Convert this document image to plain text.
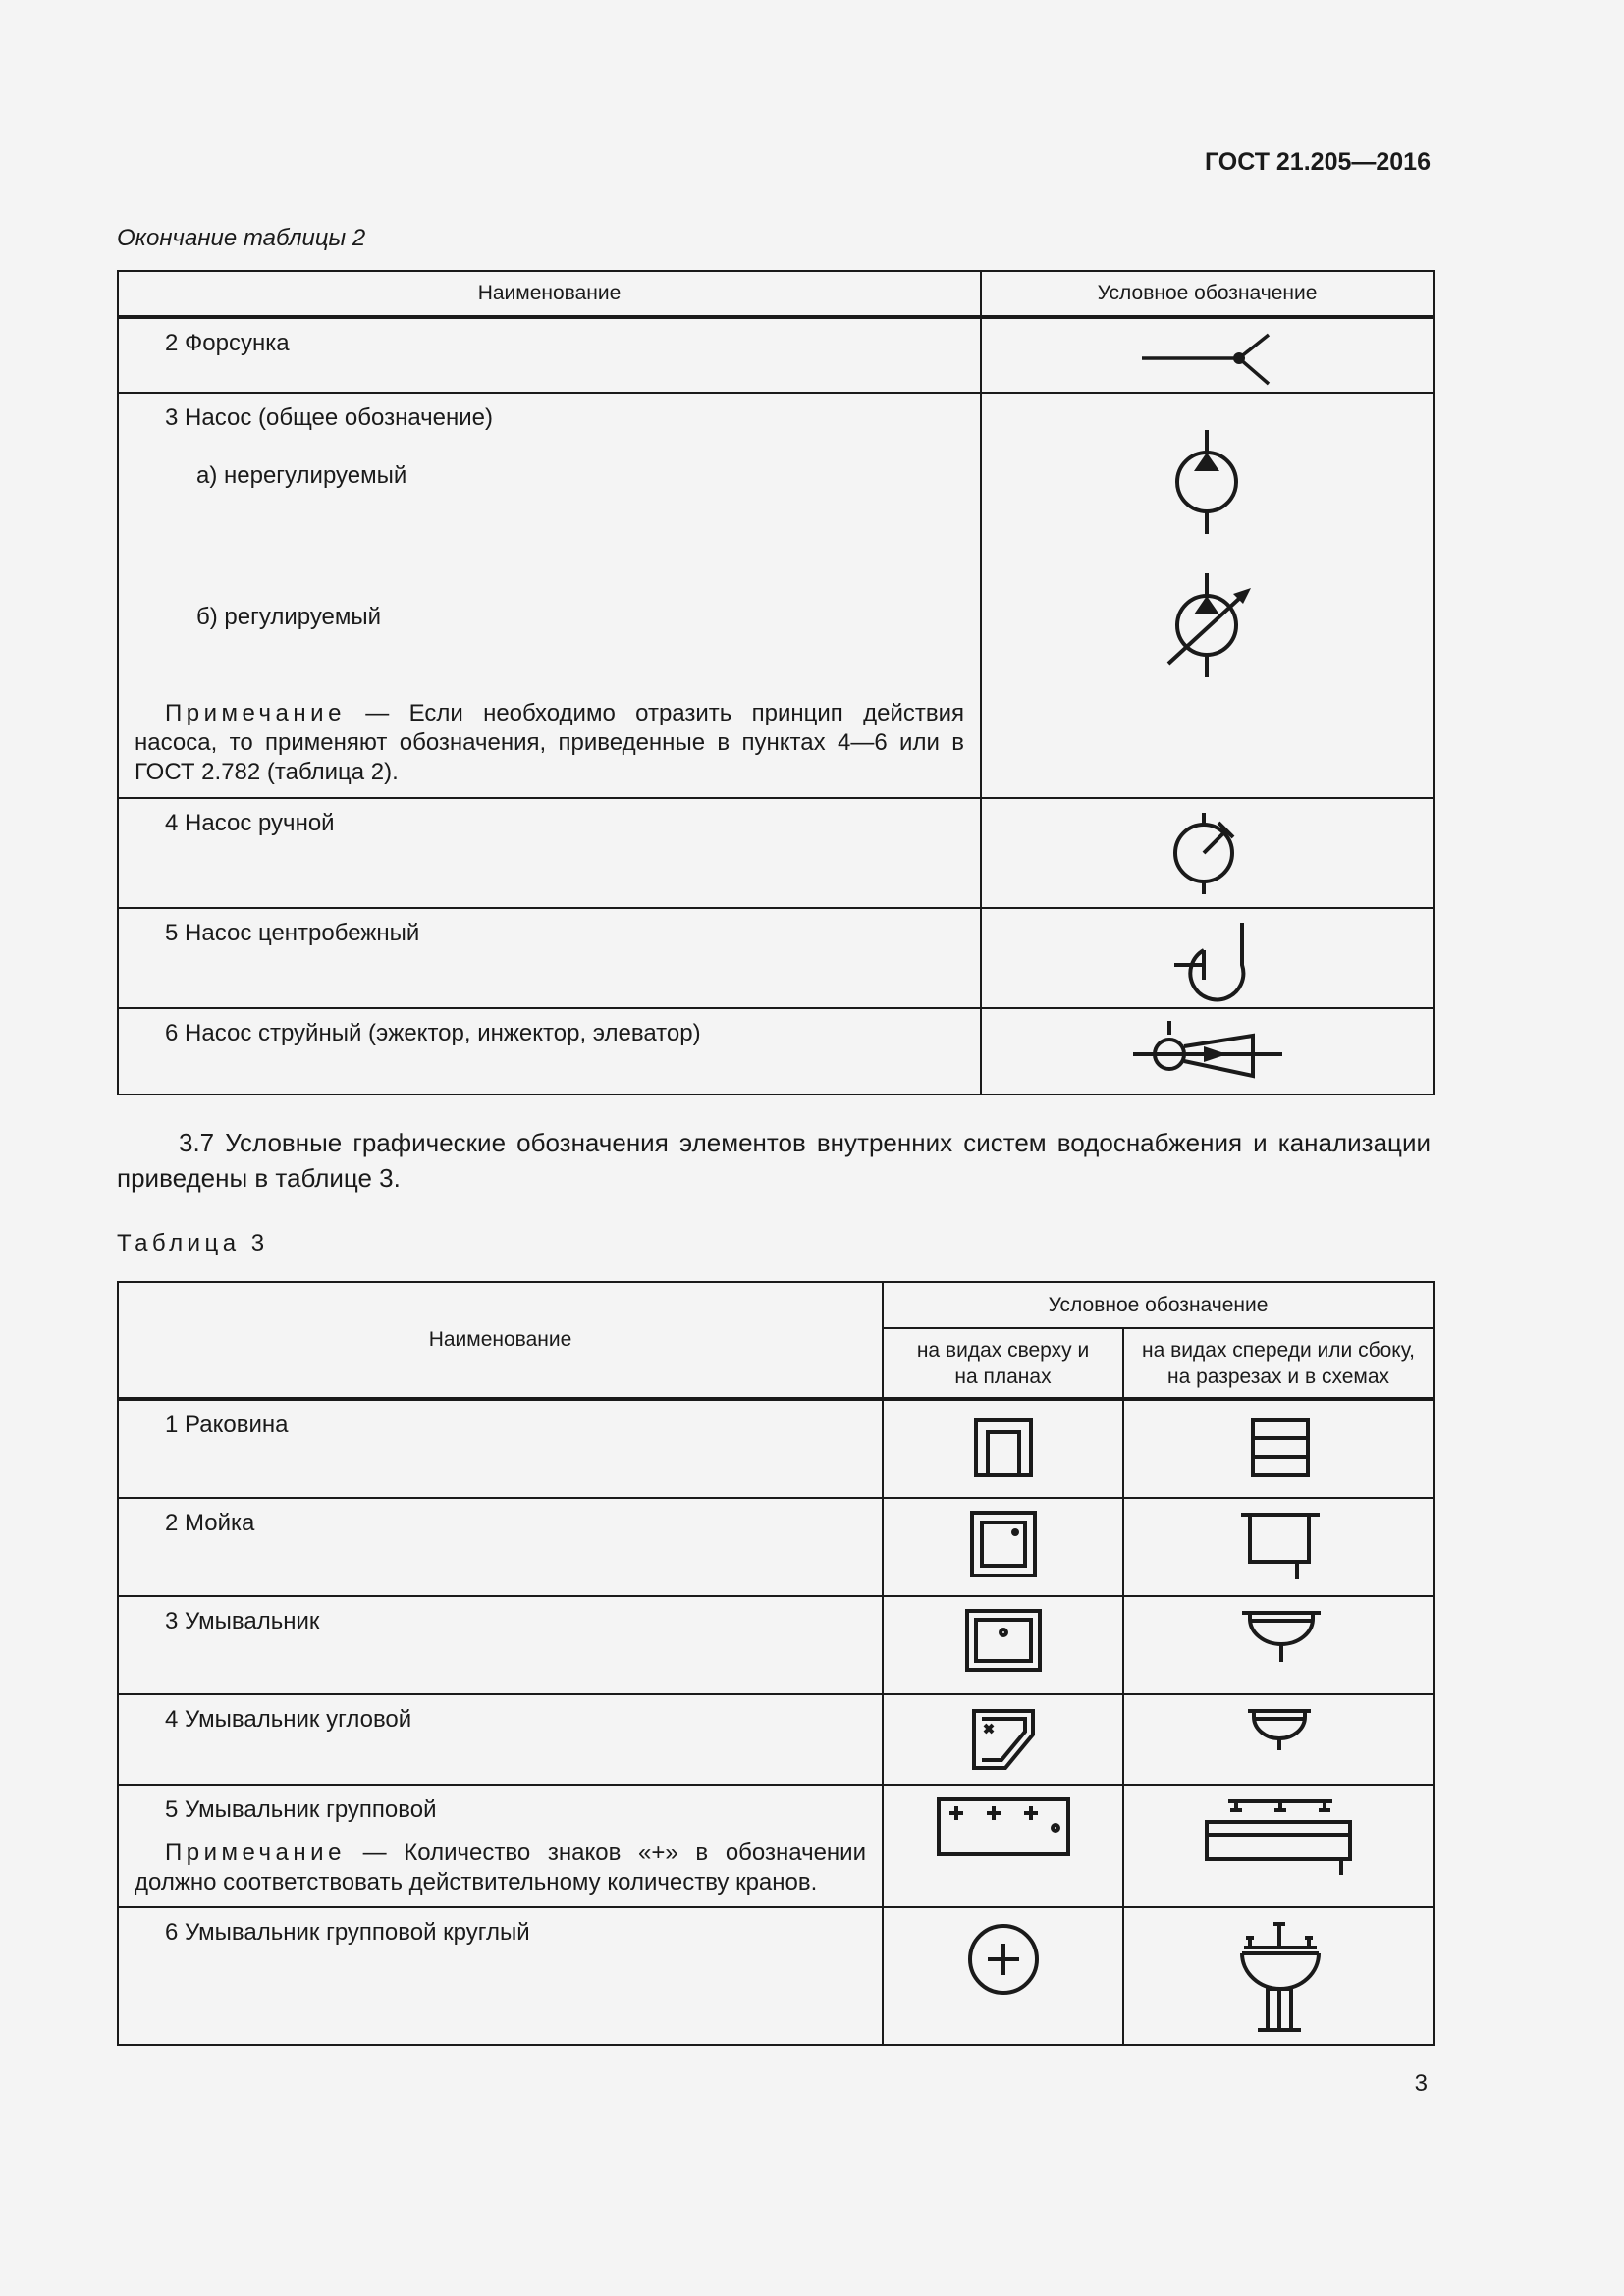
ГОСТ 21.205—2016
Окончание таблицы 2
Наименование	Условное обозначение

2 Форсунка

3 Насос (общее обозначение)
а) нерегулируемый
б) регулируемый
Примечание — Если необходимо отразить принцип действия насоса, то применяют обозначения, приведенные в пунктах 4—6 или в ГОСТ 2.782 (таблица 2).

4 Насос ручной

5 Насос центробежный

6 Насос струйный (эжектор, инжектор, элеватор)

3.7 Условные графические обозначения элементов внутренних систем водоснабжения и канализации приведены в таблице 3.
Таблица 3
Наименование	Условное обозначение	
	на видах сверху и на планах	на видах спереди или сбоку, на разрезах и в схемах

1 Раковина

2 Мойка

3 Умывальник

4 Умывальник угловой

5 Умывальник групповой
Примечание — Количество знаков «+» в обозначении должно соответствовать действительному количеству кранов.

6 Умывальник групповой круглый

3
